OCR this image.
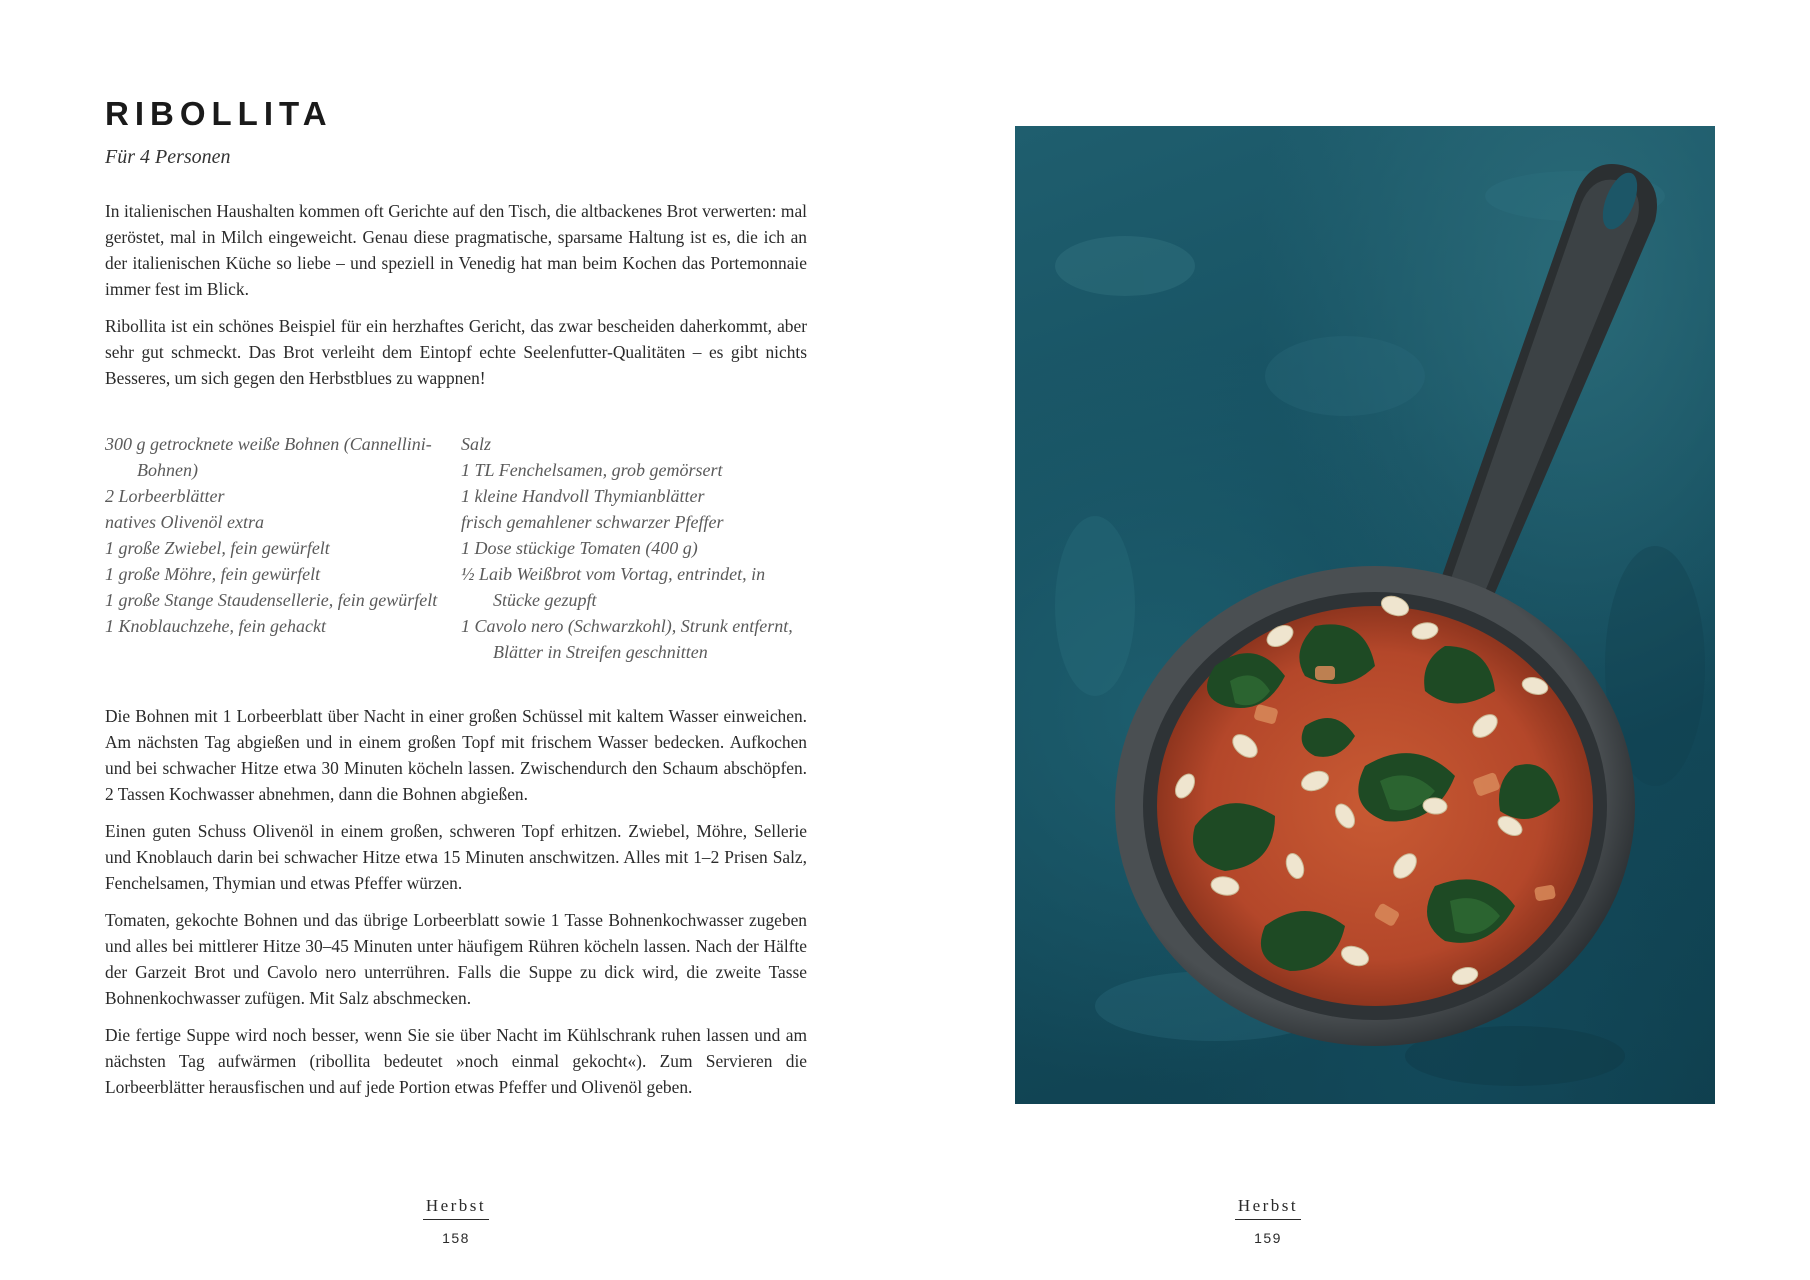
RIBOLLITA
Für 4 Personen

In italienischen Haushalten kommen oft Gerichte auf den Tisch, die altbackenes Brot verwerten: mal geröstet, mal in Milch eingeweicht. Genau diese pragmatische, sparsame Haltung ist es, die ich an der italienischen Küche so liebe – und speziell in Venedig hat man beim Kochen das Portemonnaie immer fest im Blick.

Ribollita ist ein schönes Beispiel für ein herzhaftes Gericht, das zwar bescheiden daherkommt, aber sehr gut schmeckt. Das Brot verleiht dem Eintopf echte Seelenfutter-Qualitäten – es gibt nichts Besseres, um sich gegen den Herbstblues zu wappnen!

300 g getrocknete weiße Bohnen (Cannellini-Bohnen)
2 Lorbeerblätter
natives Olivenöl extra
1 große Zwiebel, fein gewürfelt
1 große Möhre, fein gewürfelt
1 große Stange Staudensellerie, fein gewürfelt
1 Knoblauchzehe, fein gehackt
Salz
1 TL Fenchelsamen, grob gemörsert
1 kleine Handvoll Thymianblätter
frisch gemahlener schwarzer Pfeffer
1 Dose stückige Tomaten (400 g)
½ Laib Weißbrot vom Vortag, entrindet, in Stücke gezupft
1 Cavolo nero (Schwarzkohl), Strunk entfernt, Blätter in Streifen geschnitten

Die Bohnen mit 1 Lorbeerblatt über Nacht in einer großen Schüssel mit kaltem Wasser einweichen. Am nächsten Tag abgießen und in einem großen Topf mit frischem Wasser bedecken. Aufkochen und bei schwacher Hitze etwa 30 Minuten köcheln lassen. Zwischendurch den Schaum abschöpfen. 2 Tassen Kochwasser abnehmen, dann die Bohnen abgießen.

Einen guten Schuss Olivenöl in einem großen, schweren Topf erhitzen. Zwiebel, Möhre, Sellerie und Knoblauch darin bei schwacher Hitze etwa 15 Minuten anschwitzen. Alles mit 1–2 Prisen Salz, Fenchelsamen, Thymian und etwas Pfeffer würzen.

Tomaten, gekochte Bohnen und das übrige Lorbeerblatt sowie 1 Tasse Bohnenkochwasser zugeben und alles bei mittlerer Hitze 30–45 Minuten unter häufigem Rühren köcheln lassen. Nach der Hälfte der Garzeit Brot und Cavolo nero unterrühren. Falls die Suppe zu dick wird, die zweite Tasse Bohnenkochwasser zufügen. Mit Salz abschmecken.

Die fertige Suppe wird noch besser, wenn Sie sie über Nacht im Kühlschrank ruhen lassen und am nächsten Tag aufwärmen (ribollita bedeutet »noch einmal gekocht«). Zum Servieren die Lorbeerblätter herausfischen und auf jede Portion etwas Pfeffer und Olivenöl geben.

Herbst
158
Herbst
159
